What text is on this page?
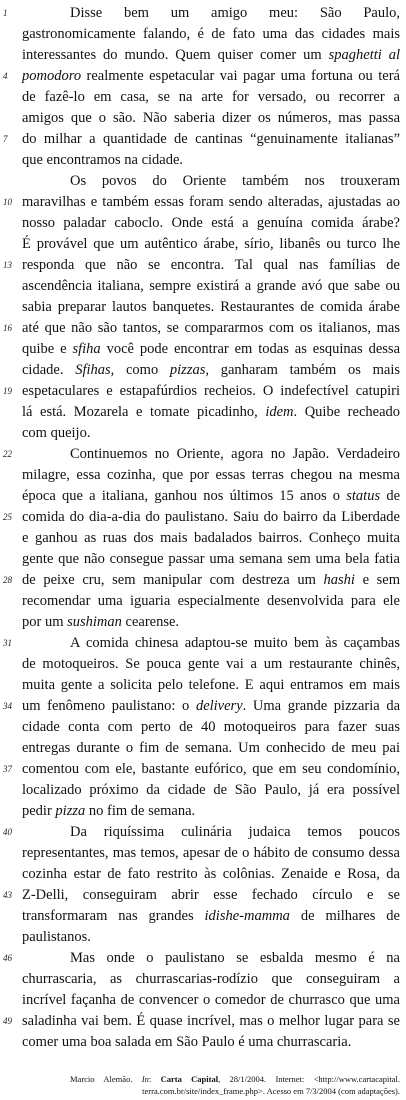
1	Disse bem um amigo meu: São Paulo,
gastronomicamente falando, é de fato uma das cidades mais
interessantes do mundo. Quem quiser comer um spaghetti al
4	pomodoro realmente espetacular vai pagar uma fortuna ou terá
de fazê-lo em casa, se na arte for versado, ou recorrer a
amigos que o são. Não saberia dizer os números, mas passa
7	do milhar a quantidade de cantinas “genuinamente italianas”
que encontramos na cidade.
Os povos do Oriente também nos trouxeram
10 maravilhas e também essas foram sendo alteradas, ajustadas ao
nosso paladar caboclo. Onde está a genuína comida árabe?
É provável que um autêntico árabe, sírio, libanês ou turco lhe
13 responda que não se encontra. Tal qual nas famílias de
ascendência italiana, sempre existirá a grande avó que sabe ou
sabia preparar lautos banquetes. Restaurantes de comida árabe
16 até que não são tantos, se compararmos com os italianos, mas
quibe e sfiha você pode encontrar em todas as esquinas dessa
cidade. Sfihas, como pizzas, ganharam também os mais
19 espetaculares e estapafúrdios recheios. O indefectível catupiri
lá está. Mozarela e tomate picadinho, idem. Quibe recheado
com queijo.
22	Continuemos no Oriente, agora no Japão. Verdadeiro
milagre, essa cozinha, que por essas terras chegou na mesma
época que a italiana, ganhou nos últimos 15 anos o status de
25 comida do dia-a-dia do paulistano. Saiu do bairro da Liberdade
e ganhou as ruas dos mais badalados bairros. Conheço muita
gente que não consegue passar uma semana sem uma bela fatia
28 de peixe cru, sem manipular com destreza um hashi e sem
recomendar uma iguaria especialmente desenvolvida para ele
por um sushiman cearense.
31	A comida chinesa adaptou-se muito bem às caçambas
de motoqueiros. Se pouca gente vai a um restaurante chinês,
muita gente a solicita pelo telefone. E aqui entramos em mais
34 um fenômeno paulistano: o delivery. Uma grande pizzaria da
cidade conta com perto de 40 motoqueiros para fazer suas
entregas durante o fim de semana. Um conhecido de meu pai
37 comentou com ele, bastante eufórico, que em seu condomínio,
localizado próximo da cidade de São Paulo, já era possível
pedir pizza no fim de semana.
40	Da riquíssima culinária judaica temos poucos
representantes, mas temos, apesar de o hábito de consumo dessa
cozinha estar de fato restrito às colônias. Zenaide e Rosa, da
43 Z-Delli, conseguiram abrir esse fechado círculo e se
transformaram nas grandes idishe-mamma de milhares de
paulistanos.
46	Mas onde o paulistano se esbalda mesmo é na
churrascaria, as churrascarias-rodízio que conseguiram a
incrível façanha de convencer o comedor de churrasco que uma
49 saladinha vai bem. É quase incrível, mas o melhor lugar para se
comer uma boa salada em São Paulo é uma churrascaria.
Marcio Alemão. In: Carta Capital, 28/1/2004. Internet: <http://www.cartacapital.
terra.com.br/site/index_frame.php>. Acesso em 7/3/2004 (com adaptações).
